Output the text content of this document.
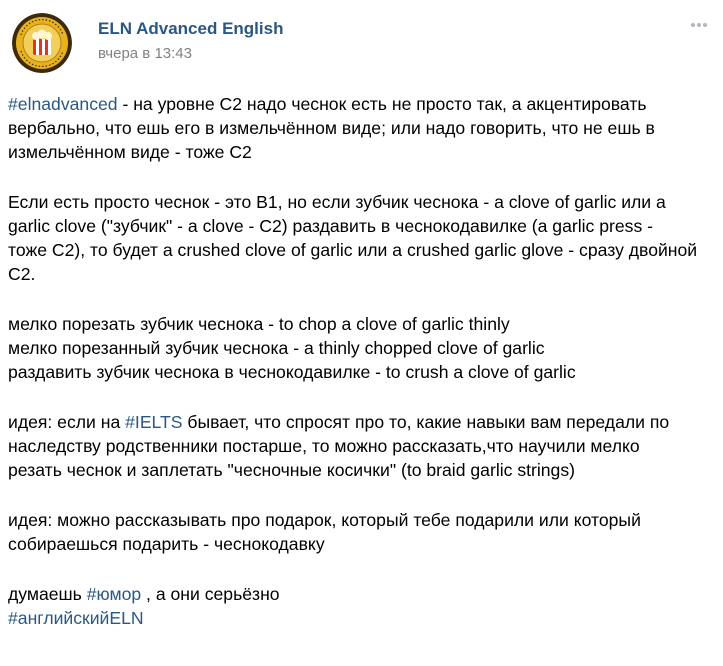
ELN Advanced English
вчера в 13:43

#elnadvanced - на уровне С2 надо чеснок есть не просто так, а акцентировать
вербально, что ешь его в измельчённом виде; или надо говорить, что не ешь в
измельчённом виде - тоже С2

Если есть просто чеснок - это В1, но если зубчик чеснока - a clove of garlic или a
garlic clove ("зубчик" - a clove - C2) раздавить в чеснокодавилке (a garlic press -
тоже С2), то будет a crushed clove of garlic или a crushed garlic glove - сразу двойной
С2.

мелко порезать зубчик чеснока - to chop a clove of garlic thinly
мелко порезанный зубчик чеснока - a thinly chopped clove of garlic
раздавить зубчик чеснока в чеснокодавилке - to crush a clove of garlic

идея: если на #IELTS бывает, что спросят про то, какие навыки вам передали по
наследству родственники постарше, то можно рассказать,что научили мелко
резать чеснок и заплетать "чесночные косички" (to braid garlic strings)

идея: можно рассказывать про подарок, который тебе подарили или который
собираешься подарить - чеснокодавку

думаешь #юмор , а они серьёзно
#английскийELN
